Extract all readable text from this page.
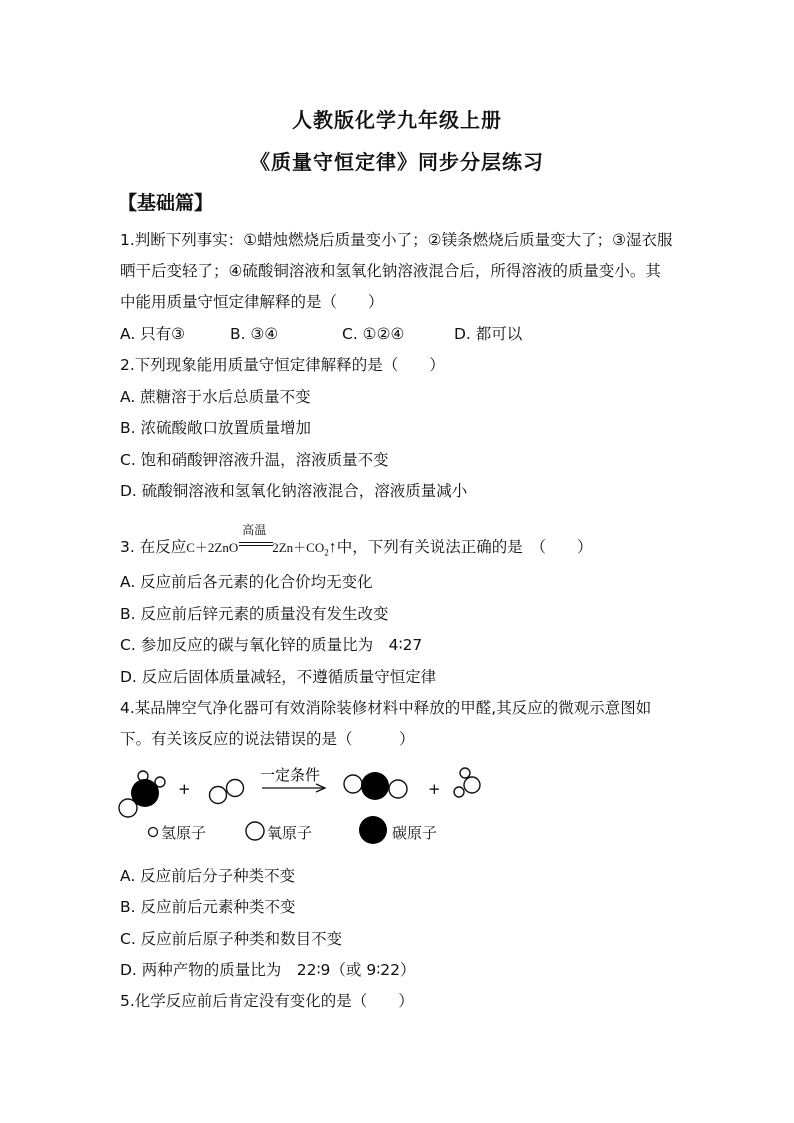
人教版化学九年级上册
《质量守恒定律》同步分层练习
【基础篇】
1.判断下列事实：①蜡烛燃烧后质量变小了；②镁条燃烧后质量变大了；③湿衣服
晒干后变轻了；④硫酸铜溶液和氢氧化钠溶液混合后，所得溶液的质量变小。其
中能用质量守恒定律解释的是（　　）
A. 只有③	B. ③④	C. ①②④	D. 都可以
2.下列现象能用质量守恒定律解释的是（　　）
A. 蔗糖溶于水后总质量不变
B. 浓硫酸敞口放置质量增加
C. 饱和硝酸钾溶液升温，溶液质量不变
D. 硫酸铜溶液和氢氧化钠溶液混合，溶液质量减小
3. 在反应C＋2ZnO	$2Zn+CO_2↑$
高温
中，下列有关说法正确的是　（　　）
A. 反应前后各元素的化合价均无变化
B. 反应前后锌元素的质量没有发生改变
C. 参加反应的碳与氧化锌的质量比为　4∶27
D. 反应后固体质量减轻，不遵循质量守恒定律
4.某品牌空气净化器可有效消除装修材料中释放的甲醛,其反应的微观示意图如
下。有关该反应的说法错误的是（　　　）
+
一定条件
+
氢原子	氧原子	碳原子
A. 反应前后分子种类不变
B. 反应前后元素种类不变
C. 反应前后原子种类和数目不变
D. 两种产物的质量比为　22∶9（或 9∶22）
5.化学反应前后肯定没有变化的是（　　）
